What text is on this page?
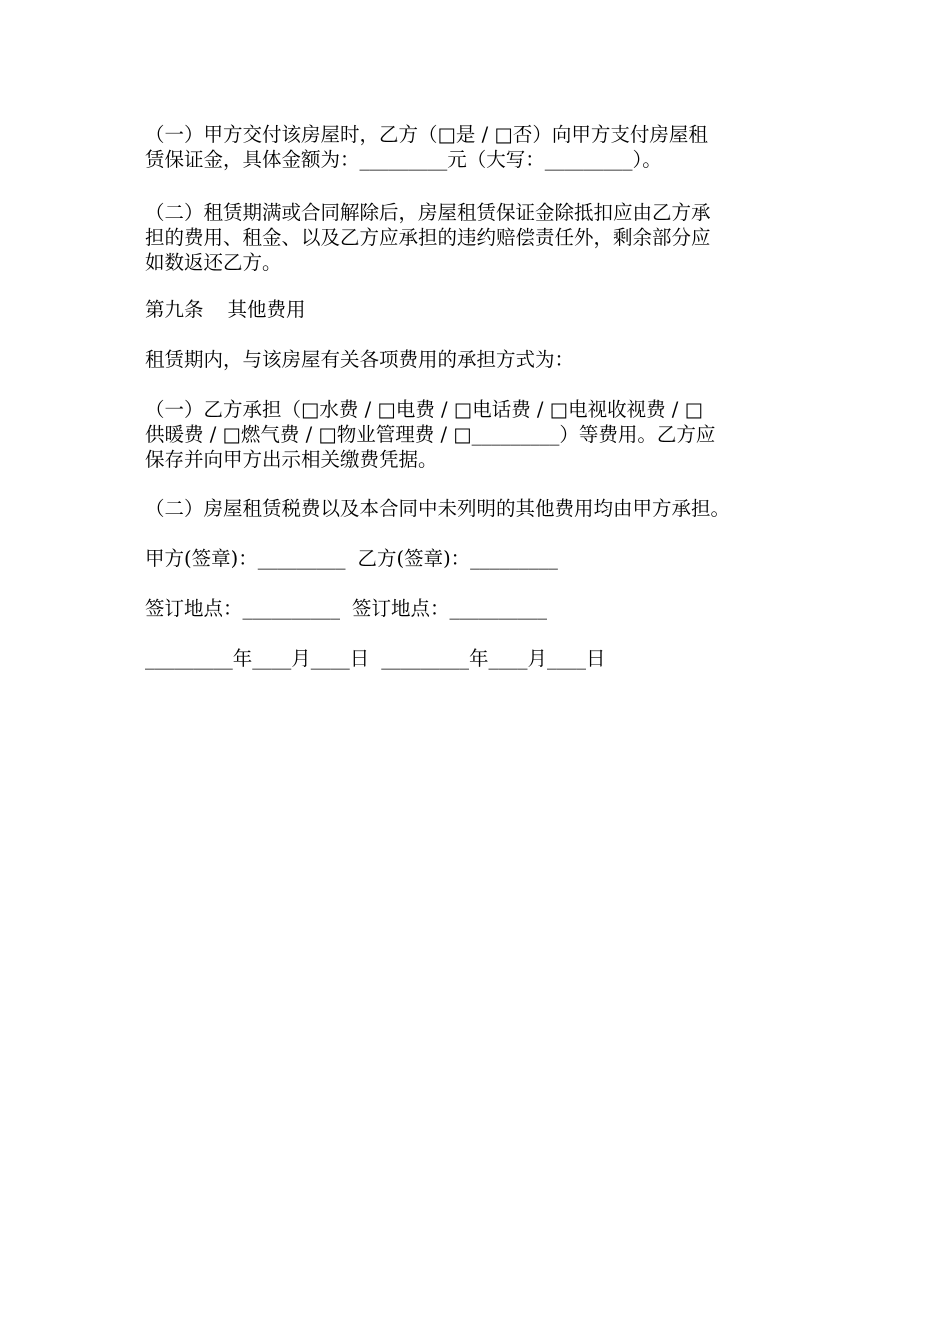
（一）甲方交付该房屋时，乙方（□是 / □否）向甲方支付房屋租
赁保证金，具体金额为：_________元（大写：_________）。

（二）租赁期满或合同解除后，房屋租赁保证金除抵扣应由乙方承
担的费用、租金、以及乙方应承担的违约赔偿责任外，剩余部分应
如数返还乙方。

第九条 其他费用

租赁期内，与该房屋有关各项费用的承担方式为：

（一）乙方承担（□水费 / □电费 / □电话费 / □电视收视费 / □
供暖费 / □燃气费 / □物业管理费 / □_________）等费用。乙方应
保存并向甲方出示相关缴费凭据。

（二）房屋租赁税费以及本合同中未列明的其他费用均由甲方承担。

甲方(签章)：_________ 乙方(签章)：_________

签订地点：__________ 签订地点：__________

_________年____月____日 _________年____月____日
